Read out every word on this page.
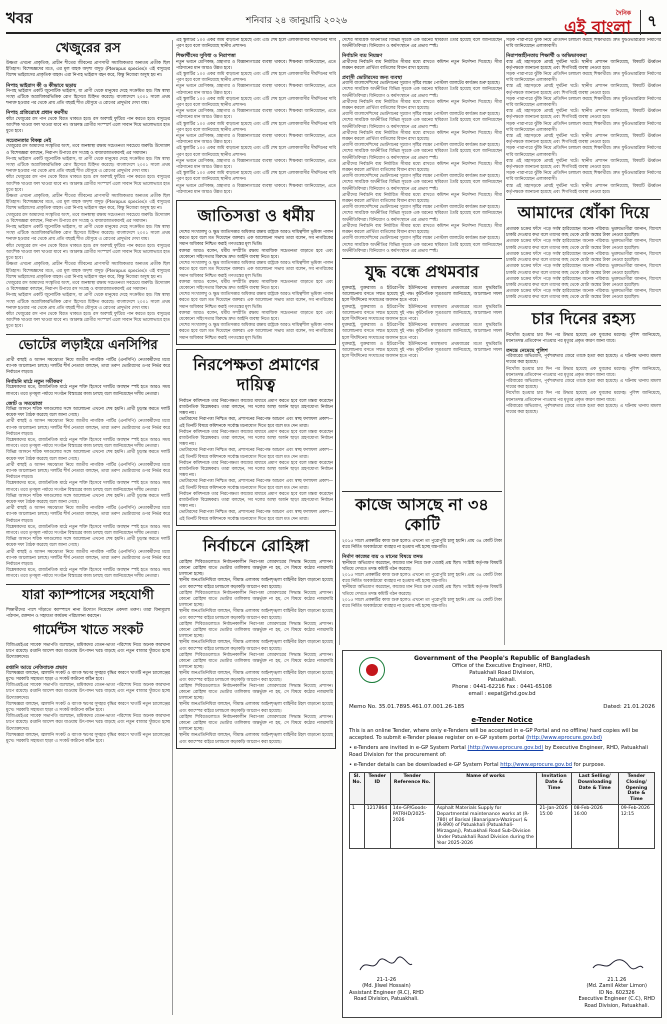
খবর	শনিবার ২৪ জানুয়ারি ২০২৬
দৈনিক
এই বাংলা	৭
খেজুরের রস

উষ্ণতা এখনো প্রাকৃতিক, প্রাচীন শীতের জীবনের প্রাণসাথী সমাজিকতার অন্যতম প্রতীক ছিল ইতিহাস। বিশেষজ্ঞদের মতে, এর মূল বাহক অদৃশ্য বাদুড় (Pteropus species)। এই বাদুড়ের বিশেষ ভাইরাসের প্রাকৃতিক বাহক। এরা নিপাহ ভাইরাস বহন করে, কিন্তু নিজেরা অসুস্থ হয় না।

নিপাহ ভাইরাস কী ও কীভাবে ছড়ায়

নিপাহ ভাইরাস একটি জুনোটিক ভাইরাস, যা প্রাণী থেকে মানুষের দেহে সংক্রমিত হয়। বিশ্ব স্বাস্থ্য সংস্থা এটিকে অগ্রাধিকারভিত্তিক রোগ হিসেবে চিহ্নিত করেছে। বাংলাদেশে ২০০১ সালে প্রথম শনাক্ত হওয়ার পর থেকে প্রায় প্রতি বছরই শীত মৌসুমে এ রোগের প্রাদুর্ভাব দেখা যায়।

নিপাহ প্রতিরোধে প্রধান করণীয়

কাঁচা খেজুরের রস পান থেকে বিরত থাকতে হবে। রস অবশ্যই ফুটিয়ে পান করতে হবে। বাদুড়ের আংশিক খাওয়া ফল খাওয়া যাবে না। আক্রান্ত রোগীর সংস্পর্শে এলে সাবান দিয়ে ভালোভাবে হাত ধুতে হবে।

সচেতনতার বিকল্প নেই

খেজুরের রস আমাদের সংস্কৃতির অংশ, তবে জনস্বাস্থ্য রক্ষায় সচেতনতা সবচেয়ে জরুরি। উদ্যোক্তা ও বিশেষজ্ঞরা বলছেন, নিরাপদ উপায়ে রস সংগ্রহ ও বাজারজাতকরণই এর সমাধান।

নিপাহ ভাইরাস একটি জুনোটিক ভাইরাস, যা প্রাণী থেকে মানুষের দেহে সংক্রমিত হয়। বিশ্ব স্বাস্থ্য সংস্থা এটিকে অগ্রাধিকারভিত্তিক রোগ হিসেবে চিহ্নিত করেছে। বাংলাদেশে ২০০১ সালে প্রথম শনাক্ত হওয়ার পর থেকে প্রায় প্রতি বছরই শীত মৌসুমে এ রোগের প্রাদুর্ভাব দেখা যায়।

কাঁচা খেজুরের রস পান থেকে বিরত থাকতে হবে। রস অবশ্যই ফুটিয়ে পান করতে হবে। বাদুড়ের আংশিক খাওয়া ফল খাওয়া যাবে না। আক্রান্ত রোগীর সংস্পর্শে এলে সাবান দিয়ে ভালোভাবে হাত ধুতে হবে।

উষ্ণতা এখনো প্রাকৃতিক, প্রাচীন শীতের জীবনের প্রাণসাথী সমাজিকতার অন্যতম প্রতীক ছিল ইতিহাস। বিশেষজ্ঞদের মতে, এর মূল বাহক অদৃশ্য বাদুড় (Pteropus species)। এই বাদুড়ের বিশেষ ভাইরাসের প্রাকৃতিক বাহক। এরা নিপাহ ভাইরাস বহন করে, কিন্তু নিজেরা অসুস্থ হয় না।

খেজুরের রস আমাদের সংস্কৃতির অংশ, তবে জনস্বাস্থ্য রক্ষায় সচেতনতা সবচেয়ে জরুরি। উদ্যোক্তা ও বিশেষজ্ঞরা বলছেন, নিরাপদ উপায়ে রস সংগ্রহ ও বাজারজাতকরণই এর সমাধান।

নিপাহ ভাইরাস একটি জুনোটিক ভাইরাস, যা প্রাণী থেকে মানুষের দেহে সংক্রমিত হয়। বিশ্ব স্বাস্থ্য সংস্থা এটিকে অগ্রাধিকারভিত্তিক রোগ হিসেবে চিহ্নিত করেছে। বাংলাদেশে ২০০১ সালে প্রথম শনাক্ত হওয়ার পর থেকে প্রায় প্রতি বছরই শীত মৌসুমে এ রোগের প্রাদুর্ভাব দেখা যায়।

কাঁচা খেজুরের রস পান থেকে বিরত থাকতে হবে। রস অবশ্যই ফুটিয়ে পান করতে হবে। বাদুড়ের আংশিক খাওয়া ফল খাওয়া যাবে না। আক্রান্ত রোগীর সংস্পর্শে এলে সাবান দিয়ে ভালোভাবে হাত ধুতে হবে।

উষ্ণতা এখনো প্রাকৃতিক, প্রাচীন শীতের জীবনের প্রাণসাথী সমাজিকতার অন্যতম প্রতীক ছিল ইতিহাস। বিশেষজ্ঞদের মতে, এর মূল বাহক অদৃশ্য বাদুড় (Pteropus species)। এই বাদুড়ের বিশেষ ভাইরাসের প্রাকৃতিক বাহক। এরা নিপাহ ভাইরাস বহন করে, কিন্তু নিজেরা অসুস্থ হয় না।

খেজুরের রস আমাদের সংস্কৃতির অংশ, তবে জনস্বাস্থ্য রক্ষায় সচেতনতা সবচেয়ে জরুরি। উদ্যোক্তা ও বিশেষজ্ঞরা বলছেন, নিরাপদ উপায়ে রস সংগ্রহ ও বাজারজাতকরণই এর সমাধান।

নিপাহ ভাইরাস একটি জুনোটিক ভাইরাস, যা প্রাণী থেকে মানুষের দেহে সংক্রমিত হয়। বিশ্ব স্বাস্থ্য সংস্থা এটিকে অগ্রাধিকারভিত্তিক রোগ হিসেবে চিহ্নিত করেছে। বাংলাদেশে ২০০১ সালে প্রথম শনাক্ত হওয়ার পর থেকে প্রায় প্রতি বছরই শীত মৌসুমে এ রোগের প্রাদুর্ভাব দেখা যায়।

কাঁচা খেজুরের রস পান থেকে বিরত থাকতে হবে। রস অবশ্যই ফুটিয়ে পান করতে হবে। বাদুড়ের আংশিক খাওয়া ফল খাওয়া যাবে না। আক্রান্ত রোগীর সংস্পর্শে এলে সাবান দিয়ে ভালোভাবে হাত ধুতে হবে।

ভোটের লড়াইয়ে এনসিপির

প্রার্থী বাছাই ও আসন সমঝোতা নিয়ে জাতীয় নাগরিক পার্টির (এনসিপি) নেতাকর্মীদের মধ্যে ব্যাপক আলোচনা চলছে। দলটির শীর্ষ নেতারা বলছেন, তারা তরুণ ভোটারদের ওপর নির্ভর করে নির্বাচনে লড়বে।

নির্বাচনি মাঠে নতুন সমীকরণ

বিশ্লেষকদের মতে, রাজনৈতিক মাঠে নতুন শক্তি হিসেবে দলটির অবস্থান স্পষ্ট হতে আরও সময় লাগবে। তবে তৃণমূল পর্যায়ে সংগঠন বিস্তারের কাজ চলছে বলে জানিয়েছেন দলীয় নেতারা।

জোট ও সমঝোতা

বিভিন্ন আসনে শরিক দলগুলোর সঙ্গে আলোচনা এখনো শেষ হয়নি। প্রার্থী চূড়ান্ত করতে দলটি কয়েক দফা বৈঠক করেছে বলে জানা গেছে।

প্রার্থী বাছাই ও আসন সমঝোতা নিয়ে জাতীয় নাগরিক পার্টির (এনসিপি) নেতাকর্মীদের মধ্যে ব্যাপক আলোচনা চলছে। দলটির শীর্ষ নেতারা বলছেন, তারা তরুণ ভোটারদের ওপর নির্ভর করে নির্বাচনে লড়বে।

বিশ্লেষকদের মতে, রাজনৈতিক মাঠে নতুন শক্তি হিসেবে দলটির অবস্থান স্পষ্ট হতে আরও সময় লাগবে। তবে তৃণমূল পর্যায়ে সংগঠন বিস্তারের কাজ চলছে বলে জানিয়েছেন দলীয় নেতারা।

বিভিন্ন আসনে শরিক দলগুলোর সঙ্গে আলোচনা এখনো শেষ হয়নি। প্রার্থী চূড়ান্ত করতে দলটি কয়েক দফা বৈঠক করেছে বলে জানা গেছে।

প্রার্থী বাছাই ও আসন সমঝোতা নিয়ে জাতীয় নাগরিক পার্টির (এনসিপি) নেতাকর্মীদের মধ্যে ব্যাপক আলোচনা চলছে। দলটির শীর্ষ নেতারা বলছেন, তারা তরুণ ভোটারদের ওপর নির্ভর করে নির্বাচনে লড়বে।

বিশ্লেষকদের মতে, রাজনৈতিক মাঠে নতুন শক্তি হিসেবে দলটির অবস্থান স্পষ্ট হতে আরও সময় লাগবে। তবে তৃণমূল পর্যায়ে সংগঠন বিস্তারের কাজ চলছে বলে জানিয়েছেন দলীয় নেতারা।

বিভিন্ন আসনে শরিক দলগুলোর সঙ্গে আলোচনা এখনো শেষ হয়নি। প্রার্থী চূড়ান্ত করতে দলটি কয়েক দফা বৈঠক করেছে বলে জানা গেছে।

প্রার্থী বাছাই ও আসন সমঝোতা নিয়ে জাতীয় নাগরিক পার্টির (এনসিপি) নেতাকর্মীদের মধ্যে ব্যাপক আলোচনা চলছে। দলটির শীর্ষ নেতারা বলছেন, তারা তরুণ ভোটারদের ওপর নির্ভর করে নির্বাচনে লড়বে।

বিশ্লেষকদের মতে, রাজনৈতিক মাঠে নতুন শক্তি হিসেবে দলটির অবস্থান স্পষ্ট হতে আরও সময় লাগবে। তবে তৃণমূল পর্যায়ে সংগঠন বিস্তারের কাজ চলছে বলে জানিয়েছেন দলীয় নেতারা।

বিভিন্ন আসনে শরিক দলগুলোর সঙ্গে আলোচনা এখনো শেষ হয়নি। প্রার্থী চূড়ান্ত করতে দলটি কয়েক দফা বৈঠক করেছে বলে জানা গেছে।

প্রার্থী বাছাই ও আসন সমঝোতা নিয়ে জাতীয় নাগরিক পার্টির (এনসিপি) নেতাকর্মীদের মধ্যে ব্যাপক আলোচনা চলছে। দলটির শীর্ষ নেতারা বলছেন, তারা তরুণ ভোটারদের ওপর নির্ভর করে নির্বাচনে লড়বে।

বিশ্লেষকদের মতে, রাজনৈতিক মাঠে নতুন শক্তি হিসেবে দলটির অবস্থান স্পষ্ট হতে আরও সময় লাগবে। তবে তৃণমূল পর্যায়ে সংগঠন বিস্তারের কাজ চলছে বলে জানিয়েছেন দলীয় নেতারা।

যারা ক্যাম্পাসের সহযোগী

শিক্ষার্থীদের পাশে দাঁড়াতে ক্যাম্পাসে নানা উদ্যোগ নিয়েছেন একদল তরুণ। তারা বিনামূল্যে পাঠদান, রক্তদান ও সহায়তা কার্যক্রম পরিচালনা করছেন।

গার্মেন্টস খাতে সংকট

বিজিএমইএর সাবেক সভাপতি বলেছেন, শ্রমিকদের বেতন-ভাতা পরিশোধ নিয়ে অনেক কারখানা চাপে রয়েছে। রপ্তানি আদেশ কমে যাওয়ায় উৎপাদন খরচ বাড়ছে এবং নতুন বাজার খুঁজতে হচ্ছে উদ্যোক্তাদের।

রপ্তানি আয়ে নেতিবাচক প্রভাব

বিশেষজ্ঞরা বলছেন, জ্বালানি সংকট ও ব্যাংক ঋণের সুদহার বৃদ্ধির কারণে খাতটি নতুন চ্যালেঞ্জের মুখে। সরকারি সহায়তা ছাড়া এ সংকট কাটানো কঠিন হবে।

বিজিএমইএর সাবেক সভাপতি বলেছেন, শ্রমিকদের বেতন-ভাতা পরিশোধ নিয়ে অনেক কারখানা চাপে রয়েছে। রপ্তানি আদেশ কমে যাওয়ায় উৎপাদন খরচ বাড়ছে এবং নতুন বাজার খুঁজতে হচ্ছে উদ্যোক্তাদের।

বিশেষজ্ঞরা বলছেন, জ্বালানি সংকট ও ব্যাংক ঋণের সুদহার বৃদ্ধির কারণে খাতটি নতুন চ্যালেঞ্জের মুখে। সরকারি সহায়তা ছাড়া এ সংকট কাটানো কঠিন হবে।

বিজিএমইএর সাবেক সভাপতি বলেছেন, শ্রমিকদের বেতন-ভাতা পরিশোধ নিয়ে অনেক কারখানা চাপে রয়েছে। রপ্তানি আদেশ কমে যাওয়ায় উৎপাদন খরচ বাড়ছে এবং নতুন বাজার খুঁজতে হচ্ছে উদ্যোক্তাদের।

বিশেষজ্ঞরা বলছেন, জ্বালানি সংকট ও ব্যাংক ঋণের সুদহার বৃদ্ধির কারণে খাতটি নতুন চ্যালেঞ্জের মুখে। সরকারি সহায়তা ছাড়া এ সংকট কাটানো কঠিন হবে।

এই স্কুলটির ১০০ একর জমি বাড়ানো হয়েছে এবং এটি শেষ হলে এলাকাবাসীর দীর্ঘদিনের দাবি পূরণ হবে বলে জানিয়েছে স্থানীয় প্রশাসন।

শিক্ষার্থীদের সুবিধা ও নিরাপত্তা

নতুন ভবনে শ্রেণিকক্ষ, গ্রন্থাগার ও বিজ্ঞানাগারের ব্যবস্থা থাকবে। শিক্ষকরা জানিয়েছেন, এতে পাঠদানের মান আরও উন্নত হবে।

এই স্কুলটির ১০০ একর জমি বাড়ানো হয়েছে এবং এটি শেষ হলে এলাকাবাসীর দীর্ঘদিনের দাবি পূরণ হবে বলে জানিয়েছে স্থানীয় প্রশাসন।

নতুন ভবনে শ্রেণিকক্ষ, গ্রন্থাগার ও বিজ্ঞানাগারের ব্যবস্থা থাকবে। শিক্ষকরা জানিয়েছেন, এতে পাঠদানের মান আরও উন্নত হবে।

এই স্কুলটির ১০০ একর জমি বাড়ানো হয়েছে এবং এটি শেষ হলে এলাকাবাসীর দীর্ঘদিনের দাবি পূরণ হবে বলে জানিয়েছে স্থানীয় প্রশাসন।

নতুন ভবনে শ্রেণিকক্ষ, গ্রন্থাগার ও বিজ্ঞানাগারের ব্যবস্থা থাকবে। শিক্ষকরা জানিয়েছেন, এতে পাঠদানের মান আরও উন্নত হবে।

এই স্কুলটির ১০০ একর জমি বাড়ানো হয়েছে এবং এটি শেষ হলে এলাকাবাসীর দীর্ঘদিনের দাবি পূরণ হবে বলে জানিয়েছে স্থানীয় প্রশাসন।

নতুন ভবনে শ্রেণিকক্ষ, গ্রন্থাগার ও বিজ্ঞানাগারের ব্যবস্থা থাকবে। শিক্ষকরা জানিয়েছেন, এতে পাঠদানের মান আরও উন্নত হবে।

এই স্কুলটির ১০০ একর জমি বাড়ানো হয়েছে এবং এটি শেষ হলে এলাকাবাসীর দীর্ঘদিনের দাবি পূরণ হবে বলে জানিয়েছে স্থানীয় প্রশাসন।

নতুন ভবনে শ্রেণিকক্ষ, গ্রন্থাগার ও বিজ্ঞানাগারের ব্যবস্থা থাকবে। শিক্ষকরা জানিয়েছেন, এতে পাঠদানের মান আরও উন্নত হবে।

এই স্কুলটির ১০০ একর জমি বাড়ানো হয়েছে এবং এটি শেষ হলে এলাকাবাসীর দীর্ঘদিনের দাবি পূরণ হবে বলে জানিয়েছে স্থানীয় প্রশাসন।

নতুন ভবনে শ্রেণিকক্ষ, গ্রন্থাগার ও বিজ্ঞানাগারের ব্যবস্থা থাকবে। শিক্ষকরা জানিয়েছেন, এতে পাঠদানের মান আরও উন্নত হবে।

জাতিসত্তা ও ধর্মীয়

দেশের সংখ্যালঘু ও ক্ষুদ্র জাতিসত্তার অধিকার রক্ষায় রাষ্ট্রকে আরও দায়িত্বশীল ভূমিকা পালন করতে হবে বলে মত দিয়েছেন বক্তারা। এক আলোচনা সভায় তারা বলেন, সব নাগরিকের সমান অধিকার নিশ্চিত করাই গণতন্ত্রের মূল ভিত্তি।

বক্তারা আরও বলেন, ধর্মীয় সম্প্রীতি রক্ষায় সামাজিক সচেতনতা বাড়াতে হবে এবং যেকোনো সহিংসতার বিরুদ্ধে দ্রুত আইনি ব্যবস্থা নিতে হবে।

দেশের সংখ্যালঘু ও ক্ষুদ্র জাতিসত্তার অধিকার রক্ষায় রাষ্ট্রকে আরও দায়িত্বশীল ভূমিকা পালন করতে হবে বলে মত দিয়েছেন বক্তারা। এক আলোচনা সভায় তারা বলেন, সব নাগরিকের সমান অধিকার নিশ্চিত করাই গণতন্ত্রের মূল ভিত্তি।

বক্তারা আরও বলেন, ধর্মীয় সম্প্রীতি রক্ষায় সামাজিক সচেতনতা বাড়াতে হবে এবং যেকোনো সহিংসতার বিরুদ্ধে দ্রুত আইনি ব্যবস্থা নিতে হবে।

দেশের সংখ্যালঘু ও ক্ষুদ্র জাতিসত্তার অধিকার রক্ষায় রাষ্ট্রকে আরও দায়িত্বশীল ভূমিকা পালন করতে হবে বলে মত দিয়েছেন বক্তারা। এক আলোচনা সভায় তারা বলেন, সব নাগরিকের সমান অধিকার নিশ্চিত করাই গণতন্ত্রের মূল ভিত্তি।

বক্তারা আরও বলেন, ধর্মীয় সম্প্রীতি রক্ষায় সামাজিক সচেতনতা বাড়াতে হবে এবং যেকোনো সহিংসতার বিরুদ্ধে দ্রুত আইনি ব্যবস্থা নিতে হবে।

দেশের সংখ্যালঘু ও ক্ষুদ্র জাতিসত্তার অধিকার রক্ষায় রাষ্ট্রকে আরও দায়িত্বশীল ভূমিকা পালন করতে হবে বলে মত দিয়েছেন বক্তারা। এক আলোচনা সভায় তারা বলেন, সব নাগরিকের সমান অধিকার নিশ্চিত করাই গণতন্ত্রের মূল ভিত্তি।

নিরপেক্ষতা প্রমাণের দায়িত্ব

নির্বাচন কমিশনকে তার নিরপেক্ষতা কাজের মাধ্যমে প্রমাণ করতে হবে বলে মন্তব্য করেছেন রাজনৈতিক বিশ্লেষকরা। তারা বলছেন, সব দলের আস্থা অর্জন ছাড়া গ্রহণযোগ্য নির্বাচন সম্ভব নয়।

ভোটারদের নিরাপত্তা নিশ্চিত করা, প্রশাসনের নিরপেক্ষ আচরণ এবং স্বচ্ছ ফলাফল প্রকাশ—এই তিনটি বিষয়ে কমিশনকে সর্বোচ্চ মনোযোগ দিতে হবে বলে মত দেন তারা।

নির্বাচন কমিশনকে তার নিরপেক্ষতা কাজের মাধ্যমে প্রমাণ করতে হবে বলে মন্তব্য করেছেন রাজনৈতিক বিশ্লেষকরা। তারা বলছেন, সব দলের আস্থা অর্জন ছাড়া গ্রহণযোগ্য নির্বাচন সম্ভব নয়।

ভোটারদের নিরাপত্তা নিশ্চিত করা, প্রশাসনের নিরপেক্ষ আচরণ এবং স্বচ্ছ ফলাফল প্রকাশ—এই তিনটি বিষয়ে কমিশনকে সর্বোচ্চ মনোযোগ দিতে হবে বলে মত দেন তারা।

নির্বাচন কমিশনকে তার নিরপেক্ষতা কাজের মাধ্যমে প্রমাণ করতে হবে বলে মন্তব্য করেছেন রাজনৈতিক বিশ্লেষকরা। তারা বলছেন, সব দলের আস্থা অর্জন ছাড়া গ্রহণযোগ্য নির্বাচন সম্ভব নয়।

ভোটারদের নিরাপত্তা নিশ্চিত করা, প্রশাসনের নিরপেক্ষ আচরণ এবং স্বচ্ছ ফলাফল প্রকাশ—এই তিনটি বিষয়ে কমিশনকে সর্বোচ্চ মনোযোগ দিতে হবে বলে মত দেন তারা।

নির্বাচন কমিশনকে তার নিরপেক্ষতা কাজের মাধ্যমে প্রমাণ করতে হবে বলে মন্তব্য করেছেন রাজনৈতিক বিশ্লেষকরা। তারা বলছেন, সব দলের আস্থা অর্জন ছাড়া গ্রহণযোগ্য নির্বাচন সম্ভব নয়।

ভোটারদের নিরাপত্তা নিশ্চিত করা, প্রশাসনের নিরপেক্ষ আচরণ এবং স্বচ্ছ ফলাফল প্রকাশ—এই তিনটি বিষয়ে কমিশনকে সর্বোচ্চ মনোযোগ দিতে হবে বলে মত দেন তারা।

নির্বাচনে রোহিঙ্গা

রোহিঙ্গা শিবিরগুলোতে নির্বাচনকালীন নিরাপত্তা জোরদারের সিদ্ধান্ত নিয়েছে প্রশাসন। কোনো রোহিঙ্গা যাতে ভোটার তালিকায় অন্তর্ভুক্ত না হয়, সে বিষয়ে কঠোর নজরদারি চালানো হচ্ছে।

স্থানীয় জনপ্রতিনিধিরা বলছেন, সীমান্ত এলাকায় আইনশৃঙ্খলা বাহিনীর টহল বাড়ানো হয়েছে এবং ক্যাম্পের বাইরে চলাচলে কড়াকড়ি আরোপ করা হয়েছে।

রোহিঙ্গা শিবিরগুলোতে নির্বাচনকালীন নিরাপত্তা জোরদারের সিদ্ধান্ত নিয়েছে প্রশাসন। কোনো রোহিঙ্গা যাতে ভোটার তালিকায় অন্তর্ভুক্ত না হয়, সে বিষয়ে কঠোর নজরদারি চালানো হচ্ছে।

স্থানীয় জনপ্রতিনিধিরা বলছেন, সীমান্ত এলাকায় আইনশৃঙ্খলা বাহিনীর টহল বাড়ানো হয়েছে এবং ক্যাম্পের বাইরে চলাচলে কড়াকড়ি আরোপ করা হয়েছে।

রোহিঙ্গা শিবিরগুলোতে নির্বাচনকালীন নিরাপত্তা জোরদারের সিদ্ধান্ত নিয়েছে প্রশাসন। কোনো রোহিঙ্গা যাতে ভোটার তালিকায় অন্তর্ভুক্ত না হয়, সে বিষয়ে কঠোর নজরদারি চালানো হচ্ছে।

স্থানীয় জনপ্রতিনিধিরা বলছেন, সীমান্ত এলাকায় আইনশৃঙ্খলা বাহিনীর টহল বাড়ানো হয়েছে এবং ক্যাম্পের বাইরে চলাচলে কড়াকড়ি আরোপ করা হয়েছে।

রোহিঙ্গা শিবিরগুলোতে নির্বাচনকালীন নিরাপত্তা জোরদারের সিদ্ধান্ত নিয়েছে প্রশাসন। কোনো রোহিঙ্গা যাতে ভোটার তালিকায় অন্তর্ভুক্ত না হয়, সে বিষয়ে কঠোর নজরদারি চালানো হচ্ছে।

স্থানীয় জনপ্রতিনিধিরা বলছেন, সীমান্ত এলাকায় আইনশৃঙ্খলা বাহিনীর টহল বাড়ানো হয়েছে এবং ক্যাম্পের বাইরে চলাচলে কড়াকড়ি আরোপ করা হয়েছে।

রোহিঙ্গা শিবিরগুলোতে নির্বাচনকালীন নিরাপত্তা জোরদারের সিদ্ধান্ত নিয়েছে প্রশাসন। কোনো রোহিঙ্গা যাতে ভোটার তালিকায় অন্তর্ভুক্ত না হয়, সে বিষয়ে কঠোর নজরদারি চালানো হচ্ছে।

স্থানীয় জনপ্রতিনিধিরা বলছেন, সীমান্ত এলাকায় আইনশৃঙ্খলা বাহিনীর টহল বাড়ানো হয়েছে এবং ক্যাম্পের বাইরে চলাচলে কড়াকড়ি আরোপ করা হয়েছে।

রোহিঙ্গা শিবিরগুলোতে নির্বাচনকালীন নিরাপত্তা জোরদারের সিদ্ধান্ত নিয়েছে প্রশাসন। কোনো রোহিঙ্গা যাতে ভোটার তালিকায় অন্তর্ভুক্ত না হয়, সে বিষয়ে কঠোর নজরদারি চালানো হচ্ছে।

স্থানীয় জনপ্রতিনিধিরা বলছেন, সীমান্ত এলাকায় আইনশৃঙ্খলা বাহিনীর টহল বাড়ানো হয়েছে এবং ক্যাম্পের বাইরে চলাচলে কড়াকড়ি আরোপ করা হয়েছে।

দেশের সামগ্রিক অর্থনীতির বিভিন্ন সূচকে এক ধরনের স্থবিরতা তৈরি হয়েছে বলে জানিয়েছেন অর্থনীতিবিদরা। বিনিয়োগ ও কর্মসংস্থানে এর প্রভাব স্পষ্ট।

নির্বাচনি ব্যয় নিয়ন্ত্রণ

প্রার্থীদের নির্বাচনি ব্যয় নির্ধারিত সীমার মধ্যে রাখতে কমিশন নতুন নির্দেশনা দিয়েছে। সীমা লঙ্ঘন করলে প্রার্থিতা বাতিলের বিধান রাখা হয়েছে।

প্রবাসী ভোটারদের জন্য ব্যবস্থা

প্রবাসী বাংলাদেশিদের ভোটদানের সুযোগ সৃষ্টির লক্ষ্যে পোস্টাল ব্যালটের কার্যক্রম শুরু হয়েছে।

দেশের সামগ্রিক অর্থনীতির বিভিন্ন সূচকে এক ধরনের স্থবিরতা তৈরি হয়েছে বলে জানিয়েছেন অর্থনীতিবিদরা। বিনিয়োগ ও কর্মসংস্থানে এর প্রভাব স্পষ্ট।

প্রার্থীদের নির্বাচনি ব্যয় নির্ধারিত সীমার মধ্যে রাখতে কমিশন নতুন নির্দেশনা দিয়েছে। সীমা লঙ্ঘন করলে প্রার্থিতা বাতিলের বিধান রাখা হয়েছে।

প্রবাসী বাংলাদেশিদের ভোটদানের সুযোগ সৃষ্টির লক্ষ্যে পোস্টাল ব্যালটের কার্যক্রম শুরু হয়েছে।

দেশের সামগ্রিক অর্থনীতির বিভিন্ন সূচকে এক ধরনের স্থবিরতা তৈরি হয়েছে বলে জানিয়েছেন অর্থনীতিবিদরা। বিনিয়োগ ও কর্মসংস্থানে এর প্রভাব স্পষ্ট।

প্রার্থীদের নির্বাচনি ব্যয় নির্ধারিত সীমার মধ্যে রাখতে কমিশন নতুন নির্দেশনা দিয়েছে। সীমা লঙ্ঘন করলে প্রার্থিতা বাতিলের বিধান রাখা হয়েছে।

প্রবাসী বাংলাদেশিদের ভোটদানের সুযোগ সৃষ্টির লক্ষ্যে পোস্টাল ব্যালটের কার্যক্রম শুরু হয়েছে।

দেশের সামগ্রিক অর্থনীতির বিভিন্ন সূচকে এক ধরনের স্থবিরতা তৈরি হয়েছে বলে জানিয়েছেন অর্থনীতিবিদরা। বিনিয়োগ ও কর্মসংস্থানে এর প্রভাব স্পষ্ট।

প্রার্থীদের নির্বাচনি ব্যয় নির্ধারিত সীমার মধ্যে রাখতে কমিশন নতুন নির্দেশনা দিয়েছে। সীমা লঙ্ঘন করলে প্রার্থিতা বাতিলের বিধান রাখা হয়েছে।

প্রবাসী বাংলাদেশিদের ভোটদানের সুযোগ সৃষ্টির লক্ষ্যে পোস্টাল ব্যালটের কার্যক্রম শুরু হয়েছে।

দেশের সামগ্রিক অর্থনীতির বিভিন্ন সূচকে এক ধরনের স্থবিরতা তৈরি হয়েছে বলে জানিয়েছেন অর্থনীতিবিদরা। বিনিয়োগ ও কর্মসংস্থানে এর প্রভাব স্পষ্ট।

প্রার্থীদের নির্বাচনি ব্যয় নির্ধারিত সীমার মধ্যে রাখতে কমিশন নতুন নির্দেশনা দিয়েছে। সীমা লঙ্ঘন করলে প্রার্থিতা বাতিলের বিধান রাখা হয়েছে।

প্রবাসী বাংলাদেশিদের ভোটদানের সুযোগ সৃষ্টির লক্ষ্যে পোস্টাল ব্যালটের কার্যক্রম শুরু হয়েছে।

দেশের সামগ্রিক অর্থনীতির বিভিন্ন সূচকে এক ধরনের স্থবিরতা তৈরি হয়েছে বলে জানিয়েছেন অর্থনীতিবিদরা। বিনিয়োগ ও কর্মসংস্থানে এর প্রভাব স্পষ্ট।

প্রার্থীদের নির্বাচনি ব্যয় নির্ধারিত সীমার মধ্যে রাখতে কমিশন নতুন নির্দেশনা দিয়েছে। সীমা লঙ্ঘন করলে প্রার্থিতা বাতিলের বিধান রাখা হয়েছে।

প্রবাসী বাংলাদেশিদের ভোটদানের সুযোগ সৃষ্টির লক্ষ্যে পোস্টাল ব্যালটের কার্যক্রম শুরু হয়েছে।

দেশের সামগ্রিক অর্থনীতির বিভিন্ন সূচকে এক ধরনের স্থবিরতা তৈরি হয়েছে বলে জানিয়েছেন অর্থনীতিবিদরা। বিনিয়োগ ও কর্মসংস্থানে এর প্রভাব স্পষ্ট।

যুদ্ধ বন্ধে প্রথমবার

যুক্তরাষ্ট্র, যুক্তরাজ্য ও ইউরোপীয় ইউনিয়নের মধ্যস্থতায় প্রথমবারের মতো যুদ্ধবিরতি আলোচনায় বসতে সম্মত হয়েছে দুই পক্ষ। কূটনৈতিক সূত্রগুলো জানিয়েছে, আলোচনা সফল হলে দীর্ঘদিনের সংঘাতের অবসান হতে পারে।

যুক্তরাষ্ট্র, যুক্তরাজ্য ও ইউরোপীয় ইউনিয়নের মধ্যস্থতায় প্রথমবারের মতো যুদ্ধবিরতি আলোচনায় বসতে সম্মত হয়েছে দুই পক্ষ। কূটনৈতিক সূত্রগুলো জানিয়েছে, আলোচনা সফল হলে দীর্ঘদিনের সংঘাতের অবসান হতে পারে।

যুক্তরাষ্ট্র, যুক্তরাজ্য ও ইউরোপীয় ইউনিয়নের মধ্যস্থতায় প্রথমবারের মতো যুদ্ধবিরতি আলোচনায় বসতে সম্মত হয়েছে দুই পক্ষ। কূটনৈতিক সূত্রগুলো জানিয়েছে, আলোচনা সফল হলে দীর্ঘদিনের সংঘাতের অবসান হতে পারে।

যুক্তরাষ্ট্র, যুক্তরাজ্য ও ইউরোপীয় ইউনিয়নের মধ্যস্থতায় প্রথমবারের মতো যুদ্ধবিরতি আলোচনায় বসতে সম্মত হয়েছে দুই পক্ষ। কূটনৈতিক সূত্রগুলো জানিয়েছে, আলোচনা সফল হলে দীর্ঘদিনের সংঘাতের অবসান হতে পারে।

সড়ক পারাপারে ঝুঁকি নিয়ে প্রতিদিন চলাচল করছে শিক্ষার্থীরা। দ্রুত ফুটওভারব্রিজ নির্মাণের দাবি জানিয়েছেন এলাকাবাসী।

নিরাপত্তাহীনতায় শিক্ষার্থী ও অভিভাবকরা

ব্যস্ত এই মহাসড়কে প্রায়ই দুর্ঘটনা ঘটে। স্থানীয় প্রশাসন জানিয়েছে, বিষয়টি ঊর্ধ্বতন কর্তৃপক্ষকে জানানো হয়েছে এবং শিগগিরই ব্যবস্থা নেওয়া হবে।

সড়ক পারাপারে ঝুঁকি নিয়ে প্রতিদিন চলাচল করছে শিক্ষার্থীরা। দ্রুত ফুটওভারব্রিজ নির্মাণের দাবি জানিয়েছেন এলাকাবাসী।

ব্যস্ত এই মহাসড়কে প্রায়ই দুর্ঘটনা ঘটে। স্থানীয় প্রশাসন জানিয়েছে, বিষয়টি ঊর্ধ্বতন কর্তৃপক্ষকে জানানো হয়েছে এবং শিগগিরই ব্যবস্থা নেওয়া হবে।

সড়ক পারাপারে ঝুঁকি নিয়ে প্রতিদিন চলাচল করছে শিক্ষার্থীরা। দ্রুত ফুটওভারব্রিজ নির্মাণের দাবি জানিয়েছেন এলাকাবাসী।

ব্যস্ত এই মহাসড়কে প্রায়ই দুর্ঘটনা ঘটে। স্থানীয় প্রশাসন জানিয়েছে, বিষয়টি ঊর্ধ্বতন কর্তৃপক্ষকে জানানো হয়েছে এবং শিগগিরই ব্যবস্থা নেওয়া হবে।

সড়ক পারাপারে ঝুঁকি নিয়ে প্রতিদিন চলাচল করছে শিক্ষার্থীরা। দ্রুত ফুটওভারব্রিজ নির্মাণের দাবি জানিয়েছেন এলাকাবাসী।

ব্যস্ত এই মহাসড়কে প্রায়ই দুর্ঘটনা ঘটে। স্থানীয় প্রশাসন জানিয়েছে, বিষয়টি ঊর্ধ্বতন কর্তৃপক্ষকে জানানো হয়েছে এবং শিগগিরই ব্যবস্থা নেওয়া হবে।

সড়ক পারাপারে ঝুঁকি নিয়ে প্রতিদিন চলাচল করছে শিক্ষার্থীরা। দ্রুত ফুটওভারব্রিজ নির্মাণের দাবি জানিয়েছেন এলাকাবাসী।

ব্যস্ত এই মহাসড়কে প্রায়ই দুর্ঘটনা ঘটে। স্থানীয় প্রশাসন জানিয়েছে, বিষয়টি ঊর্ধ্বতন কর্তৃপক্ষকে জানানো হয়েছে এবং শিগগিরই ব্যবস্থা নেওয়া হবে।

সড়ক পারাপারে ঝুঁকি নিয়ে প্রতিদিন চলাচল করছে শিক্ষার্থীরা। দ্রুত ফুটওভারব্রিজ নির্মাণের দাবি জানিয়েছেন এলাকাবাসী।

ব্যস্ত এই মহাসড়কে প্রায়ই দুর্ঘটনা ঘটে। স্থানীয় প্রশাসন জানিয়েছে, বিষয়টি ঊর্ধ্বতন কর্তৃপক্ষকে জানানো হয়েছে এবং শিগগিরই ব্যবস্থা নেওয়া হবে।

আমাদের ধোঁকা দিয়ে

প্রতারক চক্রের ফাঁদে পড়ে সর্বস্ব হারিয়েছেন অনেক পরিবার। ভুক্তভোগীরা জানান, বিদেশে চাকরি দেওয়ার কথা বলে তাদের কাছ থেকে মোটা অঙ্কের টাকা নেওয়া হয়েছিল।

প্রতারক চক্রের ফাঁদে পড়ে সর্বস্ব হারিয়েছেন অনেক পরিবার। ভুক্তভোগীরা জানান, বিদেশে চাকরি দেওয়ার কথা বলে তাদের কাছ থেকে মোটা অঙ্কের টাকা নেওয়া হয়েছিল।

প্রতারক চক্রের ফাঁদে পড়ে সর্বস্ব হারিয়েছেন অনেক পরিবার। ভুক্তভোগীরা জানান, বিদেশে চাকরি দেওয়ার কথা বলে তাদের কাছ থেকে মোটা অঙ্কের টাকা নেওয়া হয়েছিল।

প্রতারক চক্রের ফাঁদে পড়ে সর্বস্ব হারিয়েছেন অনেক পরিবার। ভুক্তভোগীরা জানান, বিদেশে চাকরি দেওয়ার কথা বলে তাদের কাছ থেকে মোটা অঙ্কের টাকা নেওয়া হয়েছিল।

প্রতারক চক্রের ফাঁদে পড়ে সর্বস্ব হারিয়েছেন অনেক পরিবার। ভুক্তভোগীরা জানান, বিদেশে চাকরি দেওয়ার কথা বলে তাদের কাছ থেকে মোটা অঙ্কের টাকা নেওয়া হয়েছিল।

প্রতারক চক্রের ফাঁদে পড়ে সর্বস্ব হারিয়েছেন অনেক পরিবার। ভুক্তভোগীরা জানান, বিদেশে চাকরি দেওয়ার কথা বলে তাদের কাছ থেকে মোটা অঙ্কের টাকা নেওয়া হয়েছিল।

চার দিনের রহস্য

নিখোঁজ হওয়ার চার দিন পর উদ্ধার হয়েছে এক যুবকের মরদেহ। পুলিশ জানিয়েছে, ময়নাতদন্ত প্রতিবেদন পাওয়ার পর মৃত্যুর প্রকৃত কারণ জানা যাবে।

তদন্তে নেমেছে পুলিশ

পরিবারের অভিযোগ, পূর্বশত্রুতার জেরে তাকে হত্যা করা হয়েছে। এ ঘটনায় থানায় মামলা দায়ের করা হয়েছে।

নিখোঁজ হওয়ার চার দিন পর উদ্ধার হয়েছে এক যুবকের মরদেহ। পুলিশ জানিয়েছে, ময়নাতদন্ত প্রতিবেদন পাওয়ার পর মৃত্যুর প্রকৃত কারণ জানা যাবে।

পরিবারের অভিযোগ, পূর্বশত্রুতার জেরে তাকে হত্যা করা হয়েছে। এ ঘটনায় থানায় মামলা দায়ের করা হয়েছে।

নিখোঁজ হওয়ার চার দিন পর উদ্ধার হয়েছে এক যুবকের মরদেহ। পুলিশ জানিয়েছে, ময়নাতদন্ত প্রতিবেদন পাওয়ার পর মৃত্যুর প্রকৃত কারণ জানা যাবে।

পরিবারের অভিযোগ, পূর্বশত্রুতার জেরে তাকে হত্যা করা হয়েছে। এ ঘটনায় থানায় মামলা দায়ের করা হয়েছে।

কাজে আসছে না ৩৪ কোটি

২০১৫ সালে প্রকল্পটির কাজ শুরু হলেও এখনো তা পুরোপুরি চালু হয়নি। প্রায় ৩৪ কোটি টাকা ব্যয়ে নির্মিত অবকাঠামো ব্যবহার না হওয়ায় নষ্ট হচ্ছে যন্ত্রপাতি।

নির্মাণ কাজের ব্যয় ও মানের বিষয়ে তদন্ত

স্থানীয়রা অভিযোগ করেছেন, কাজের মান নিয়ে শুরু থেকেই প্রশ্ন ছিল। সংশ্লিষ্ট কর্তৃপক্ষ বিষয়টি খতিয়ে দেখতে তদন্ত কমিটি গঠন করেছে।

২০১৫ সালে প্রকল্পটির কাজ শুরু হলেও এখনো তা পুরোপুরি চালু হয়নি। প্রায় ৩৪ কোটি টাকা ব্যয়ে নির্মিত অবকাঠামো ব্যবহার না হওয়ায় নষ্ট হচ্ছে যন্ত্রপাতি।

স্থানীয়রা অভিযোগ করেছেন, কাজের মান নিয়ে শুরু থেকেই প্রশ্ন ছিল। সংশ্লিষ্ট কর্তৃপক্ষ বিষয়টি খতিয়ে দেখতে তদন্ত কমিটি গঠন করেছে।

২০১৫ সালে প্রকল্পটির কাজ শুরু হলেও এখনো তা পুরোপুরি চালু হয়নি। প্রায় ৩৪ কোটি টাকা ব্যয়ে নির্মিত অবকাঠামো ব্যবহার না হওয়ায় নষ্ট হচ্ছে যন্ত্রপাতি।

Government of the People's Republic of Bangladesh
Office of the Executive Engineer, RHD,
Patuakhali Road Division,
Patuakhali.
Phone : 0441-62216 Fax : 0441-65108
email : eepat@rhd.gov.bd
Memo No. 35.01.7895.461.07.001.26-185	Dated: 21.01.2026
e-Tender Notice

This is an online Tender, where only e-Tenders will be accepted in e-GP Portal and no offline/ hard copies will be accepted. To submit e-Tender please register on e-GP system portal (http://www.eprocure.gov.bd)

• e-Tenders are invited in e-GP System Portal (http://www.eprocure.gov.bd) by Executive Engineer, RHD, Patuakhali Road Division for the procurement of:

• e-Tender details can be downloaded e-GP System Portal http://www.eprocure.gov.bd for purpose.

Sl. No.	Tender ID	Tender Reference No.	Name of works	Invitation Date & Time	Last Selling/ Downloading Date & Time	Tender Closing/ Opening Date & Time
1	1217864	14e-GP/Goods-PATRHD/2025-2026	Asphalt Materials Supply for Departmental maintenance works at (R-780) of Barisal (Banaripara-Wazirpur) & (R-890) of Patuakhali (Patuakhali-Mirzaganj), Patuakhali Road Sub-Division Under Patuakhali Road Division during the Year 2025-2026	21-Jan-2026 15:00	08-Feb-2026 16:00	09-Feb-2026 12:15
21-1-26
(Md. Jilwel Hossain)
Assistant Engineer (R.C), RHD
Road Division, Patuakhali.
21.1.26
(Md. Zamil Akter Limon)
ID No. 602326
Executive Engineer (C.C), RHD
Road Division, Patuakhali.
